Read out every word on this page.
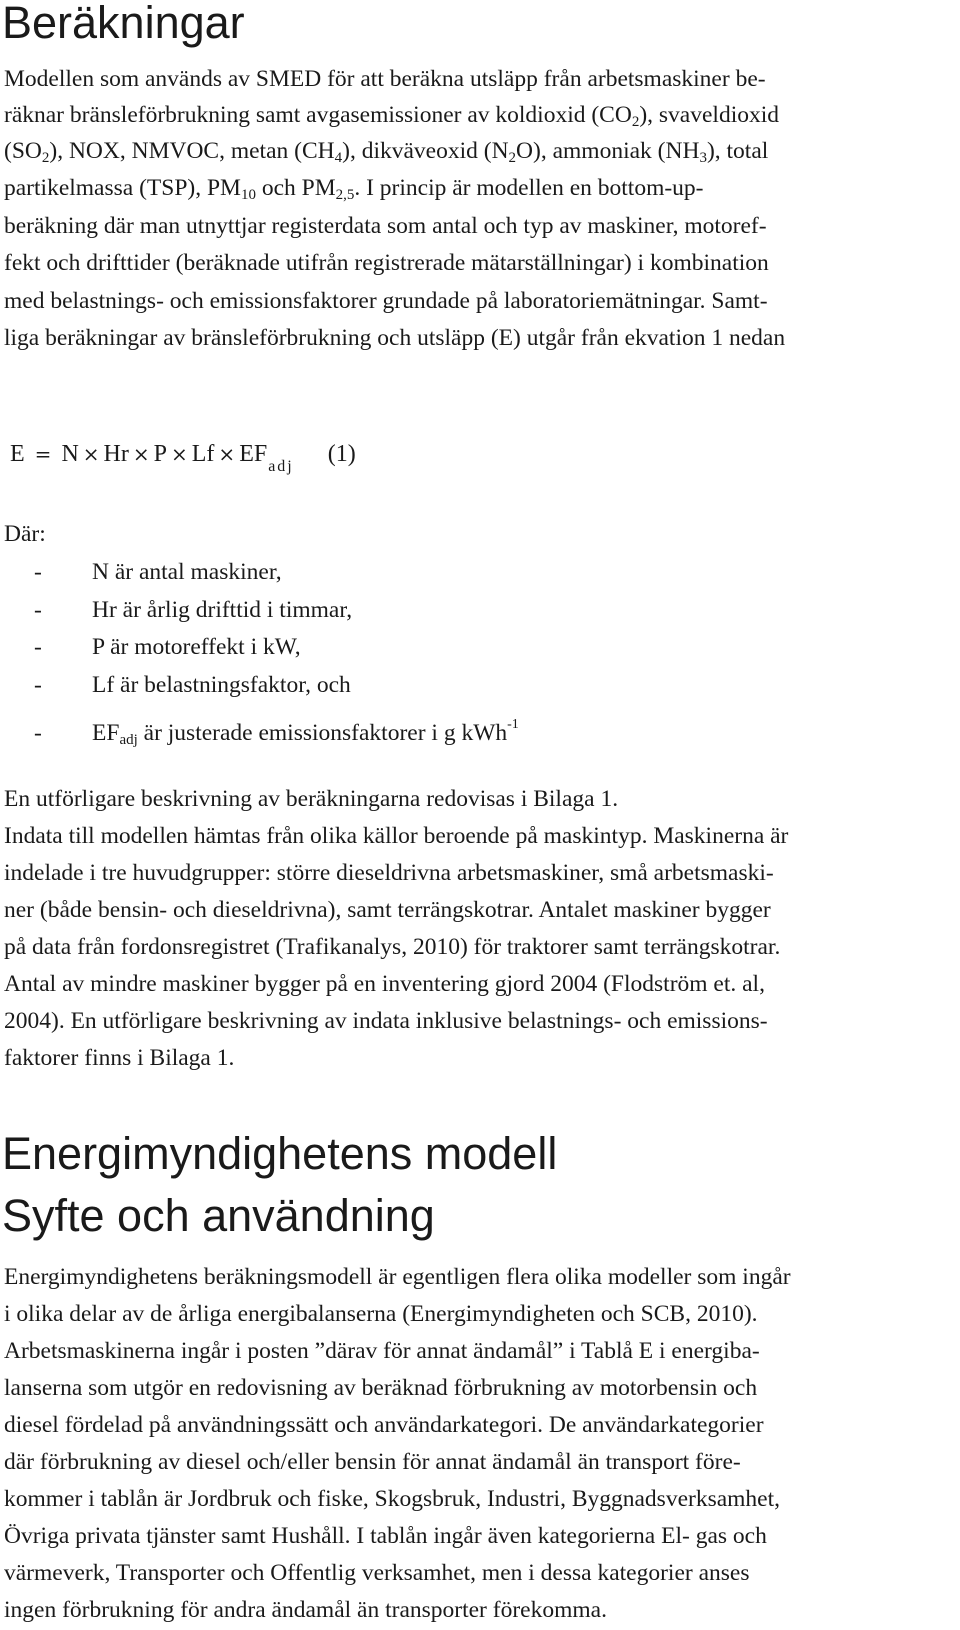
Beräkningar

Modellen som används av SMED för att beräkna utsläpp från arbetsmaskiner be-

räknar bränsleförbrukning samt avgasemissioner av koldioxid $(CO_2)$, svaveldioxid

$(SO_2)$, NOX, NMVOC, metan $(CH_4)$, dikväveoxid $(N_2O)$, ammoniak $(NH_3)$, total

partikelmassa (TSP), $PM_{10}$ och $PM_{2,5}$. I princip är modellen en bottom-up-

beräkning där man utnyttjar registerdata som antal och typ av maskiner, motoref-

fekt och drifttider (beräknade utifrån registrerade mätarställningar) i kombination

med belastnings- och emissionsfaktorer grundade på laboratoriemätningar. Samt-

liga beräkningar av bränsleförbrukning och utsläpp (E) utgår från ekvation 1 nedan

$E = N \times Hr \times P \times Lf \times EF_{adj}$ (1)

Där:

- N är antal maskiner,

- Hr är årlig drifttid i timmar,

- P är motoreffekt i kW,

- Lf är belastningsfaktor, och

- $EF_{adj}$ är justerade emissionsfaktorer i g kWh$^{-1}$

En utförligare beskrivning av beräkningarna redovisas i Bilaga 1.

Indata till modellen hämtas från olika källor beroende på maskintyp. Maskinerna är

indelade i tre huvudgrupper: större dieseldrivna arbetsmaskiner, små arbetsmaski-

ner (både bensin- och dieseldrivna), samt terrängskotrar. Antalet maskiner bygger

på data från fordonsregistret (Trafikanalys, 2010) för traktorer samt terrängskotrar.

Antal av mindre maskiner bygger på en inventering gjord 2004 (Flodström et. al,

2004). En utförligare beskrivning av indata inklusive belastnings- och emissions-

faktorer finns i Bilaga 1.

Energimyndighetens modell
Syfte och användning

Energimyndighetens beräkningsmodell är egentligen flera olika modeller som ingår

i olika delar av de årliga energibalanserna (Energimyndigheten och SCB, 2010).

Arbetsmaskinerna ingår i posten ”därav för annat ändamål” i Tablå E i energiba-

lanserna som utgör en redovisning av beräknad förbrukning av motorbensin och

diesel fördelad på användningssätt och användarkategori. De användarkategorier

där förbrukning av diesel och/eller bensin för annat ändamål än transport före-

kommer i tablån är Jordbruk och fiske, Skogsbruk, Industri, Byggnadsverksamhet,

Övriga privata tjänster samt Hushåll. I tablån ingår även kategorierna El- gas och

värmeverk, Transporter och Offentlig verksamhet, men i dessa kategorier anses

ingen förbrukning för andra ändamål än transporter förekomma.
